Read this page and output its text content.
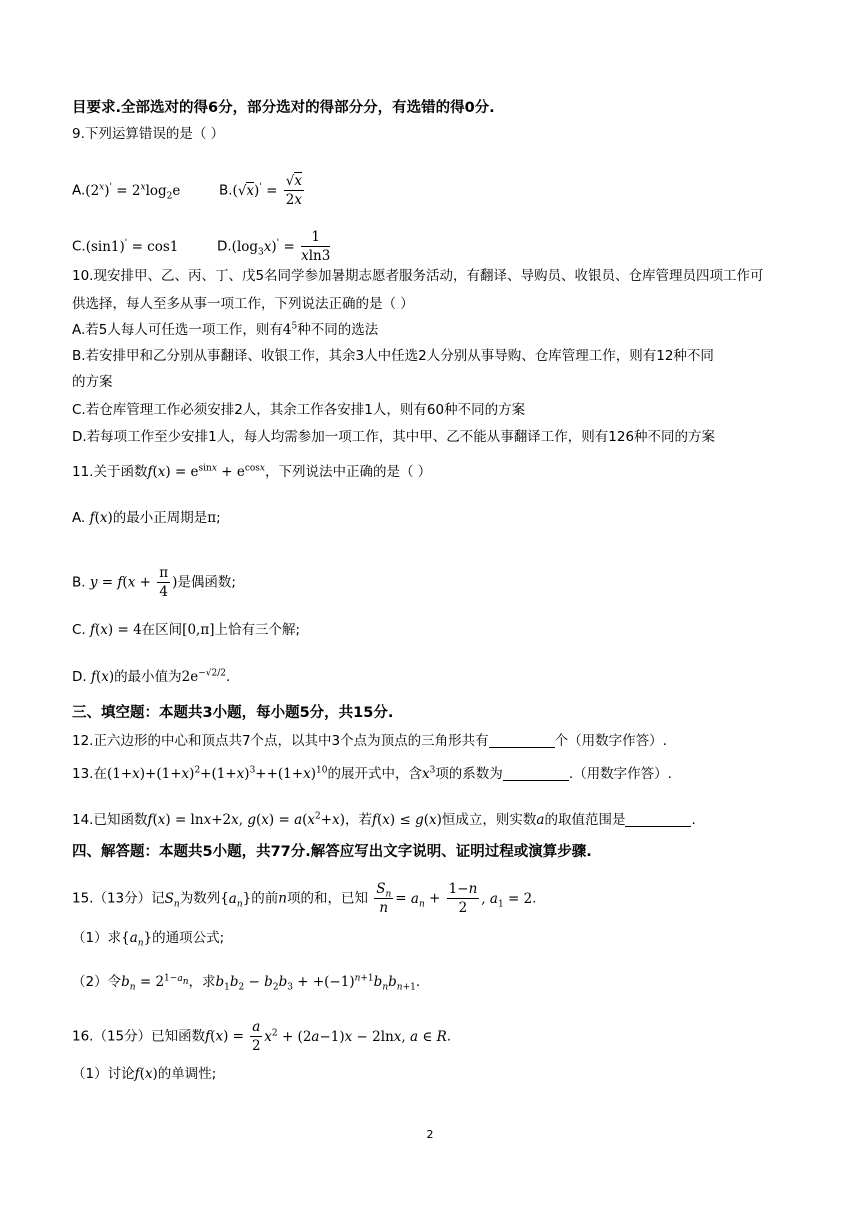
目要求.全部选对的得6分，部分选对的得部分分，有选错的得0分.
9.下列运算错误的是（ ）
$A.(2^x)' = 2^x\log_2e$	$B.(√x)' = \frac{√x}{2x}$
C.(sin1)' = cos1	$D.(\log_3x)' = \frac{1}{xln3}$
10.现安排甲、乙、丙、丁、戊5名同学参加暑期志愿者服务活动，有翻译、导购员、收银员、仓库管理员四项工作可
供选择，每人至多从事一项工作，下列说法正确的是（ ）
A.若5人每人可任选一项工作，则有$4^5$种不同的选法
B.若安排甲和乙分别从事翻译、收银工作，其余3人中任选2人分别从事导购、仓库管理工作，则有12种不同
的方案
C.若仓库管理工作必须安排2人，其余工作各安排1人，则有60种不同的方案
D.若每项工作至少安排1人，每人均需参加一项工作，其中甲、乙不能从事翻译工作，则有126种不同的方案
11.关于函数$f(x) = e^{sinx} + e^{cosx}$，下列说法中正确的是（ ）
A. f(x)的最小正周期是π;
B. $y = f(x + \frac{\pi}{4}$ )是偶函数;
C. f(x) = 4在区间[0,π]上恰有三个解;
D. f(x)的最小值为$2e^{-√2/2}$.
三、填空题：本题共3小题，每小题5分，共15分.
12.正六边形的中心和顶点共7个点，以其中3个点为顶点的三角形共有	个（用数字作答）.
13.在$(1+x)+(1+x)^2+(1+x)^3++(1+x)^{10}$的展开式中，含$x^3$项的系数为	.（用数字作答）.
14.已知函数f(x) = lnx+2x, $g(x) = a(x^2+x)$，若f(x) ≤ g(x)恒成立，则实数a的取值范围是	.
四、解答题：本题共5小题，共77分.解答应写出文字说明、证明过程或演算步骤.
15.（13分）记$S_n$为数列$\{a_n\}$的前n项的和，已知 $\frac{S_n}{n} = a_n + \frac{1-n}{2}$ , $a_1 = 2$.
（1）求$\{a_n\}$的通项公式;
（2）令$b_n = 2^{1-a_n}$，求$b_1b_2 - b_2b_3 + +(-1)^{n+1}b_nb_{n+1}$.
16.（15分）已知函数$f(x) = \frac{a}{2} x^2 + (2a-1)x - 2\ln x$, a ∈ R.
（1）讨论f(x)的单调性;
2
